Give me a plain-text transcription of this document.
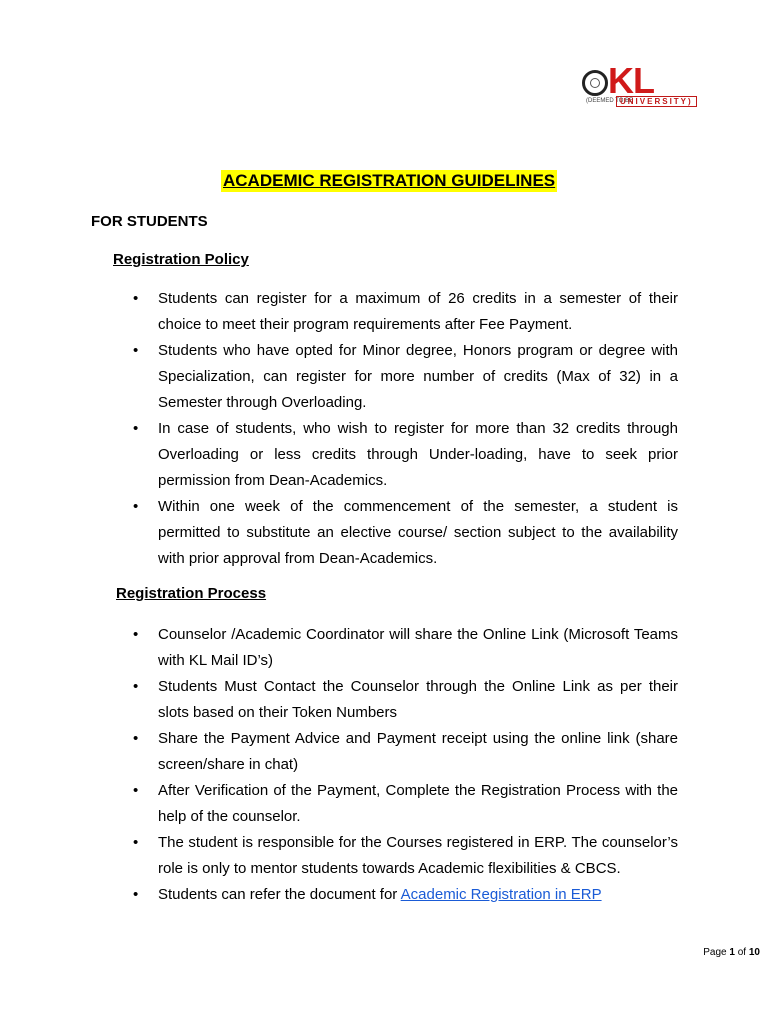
KL
(DEEMED TO BE
UNIVERSITY)
ACADEMIC REGISTRATION GUIDELINES
FOR STUDENTS
Registration Policy
• Students can register for a maximum of 26 credits in a semester of their choice to meet their program requirements after Fee Payment.
• Students who have opted for Minor degree, Honors program or degree with Specialization, can register for more number of credits (Max of 32) in a Semester through Overloading.
• In case of students, who wish to register for more than 32 credits through Overloading or less credits through Under-loading, have to seek prior permission from Dean-Academics.
• Within one week of the commencement of the semester, a student is permitted to substitute an elective course/ section subject to the availability with prior approval from Dean-Academics.
Registration Process
• Counselor /Academic Coordinator will share the Online Link (Microsoft Teams with KL Mail ID’s)
• Students Must Contact the Counselor through the Online Link as per their slots based on their Token Numbers
• Share the Payment Advice and Payment receipt using the online link (share screen/share in chat)
• After Verification of the Payment, Complete the Registration Process with the help of the counselor.
• The student is responsible for the Courses registered in ERP. The counselor’s role is only to mentor students towards Academic flexibilities & CBCS.
• Students can refer the document for Academic Registration in ERP
Page 1 of 10
